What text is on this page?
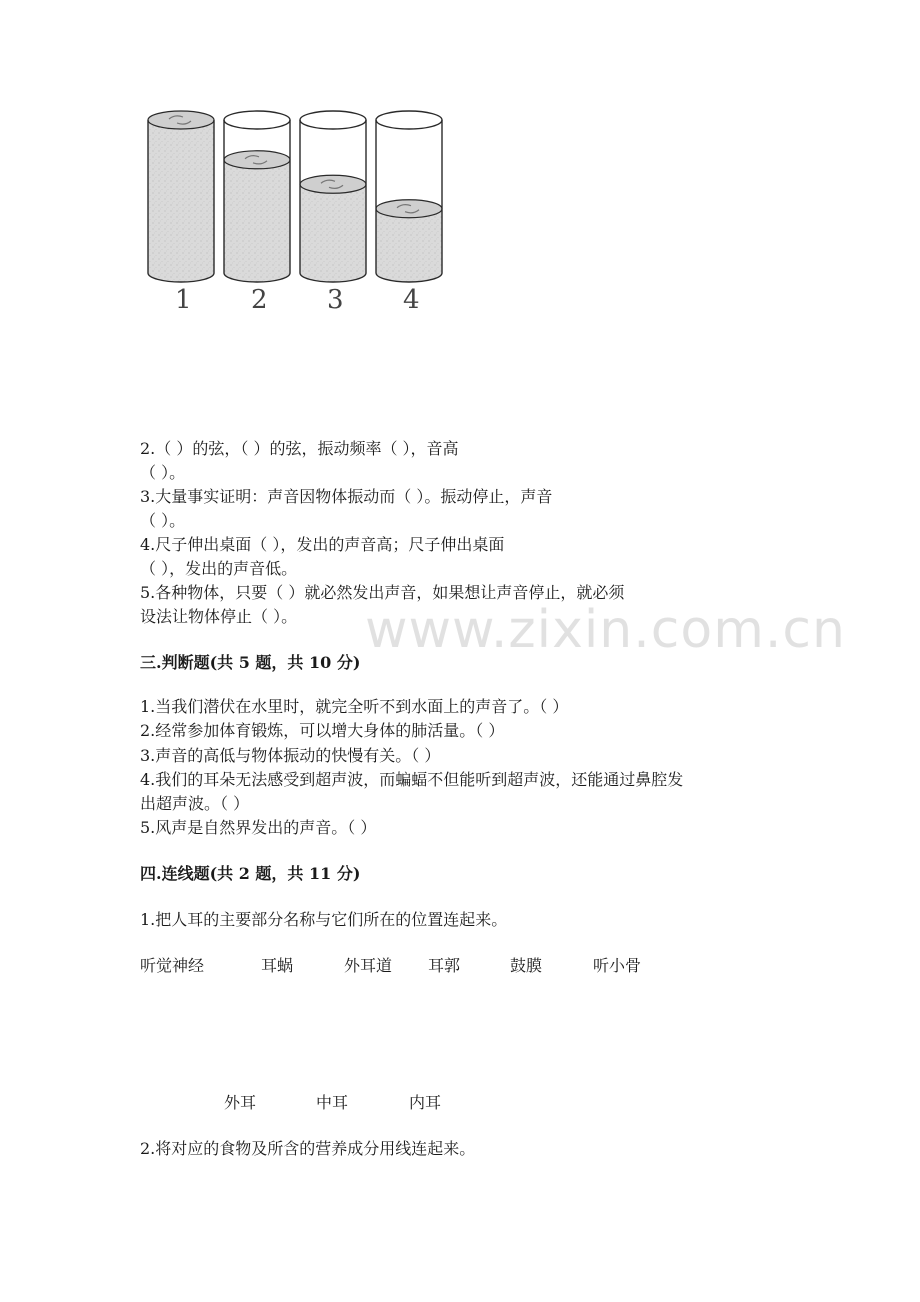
1 2 3 4
2.（ ）的弦，（ ）的弦，振动频率（ ），音高
（ ）。
3.大量事实证明：声音因物体振动而（ ）。振动停止，声音
（ ）。
4.尺子伸出桌面（ ），发出的声音高；尺子伸出桌面
（ ），发出的声音低。
5.各种物体，只要（ ）就必然发出声音，如果想让声音停止，就必须
设法让物体停止（ ）。 www.zixin.com.cn
三.判断题(共 5 题，共 10 分)
1.当我们潜伏在水里时，就完全听不到水面上的声音了。（ ）
2.经常参加体育锻炼，可以增大身体的肺活量。（ ）
3.声音的高低与物体振动的快慢有关。（ ）
4.我们的耳朵无法感受到超声波，而蝙蝠不但能听到超声波，还能通过鼻腔发
出超声波。（ ）
5.风声是自然界发出的声音。（ ）
四.连线题(共 2 题，共 11 分)
1.把人耳的主要部分名称与它们所在的位置连起来。
听觉神经	耳蜗	外耳道 耳郭	鼓膜	听小骨
外耳	中耳	内耳
2.将对应的食物及所含的营养成分用线连起来。
